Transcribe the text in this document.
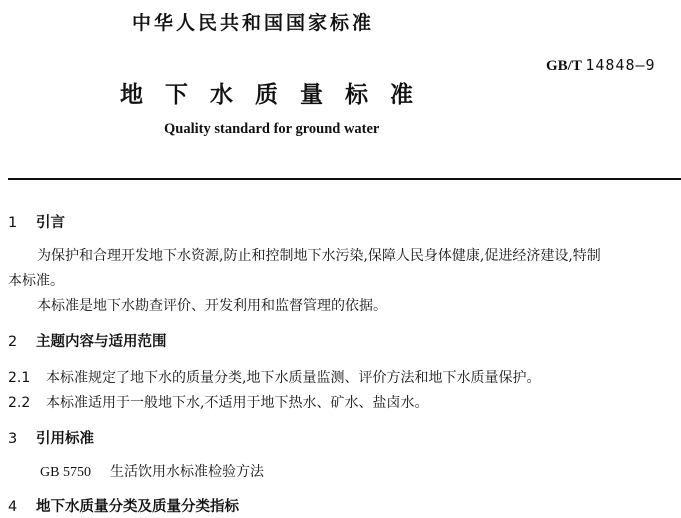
中华人民共和国国家标准
GB/T 14848—9
地下水质量标准
Quality standard for ground water
1 引言
为保护和合理开发地下水资源,防止和控制地下水污染,保障人民身体健康,促进经济建设,特制
本标准。
本标准是地下水勘查评价、开发利用和监督管理的依据。
2 主题内容与适用范围
2.1 本标准规定了地下水的质量分类,地下水质量监测、评价方法和地下水质量保护。
2.2 本标准适用于一般地下水,不适用于地下热水、矿水、盐卤水。
3 引用标准
GB 5750 生活饮用水标准检验方法
4 地下水质量分类及质量分类指标
